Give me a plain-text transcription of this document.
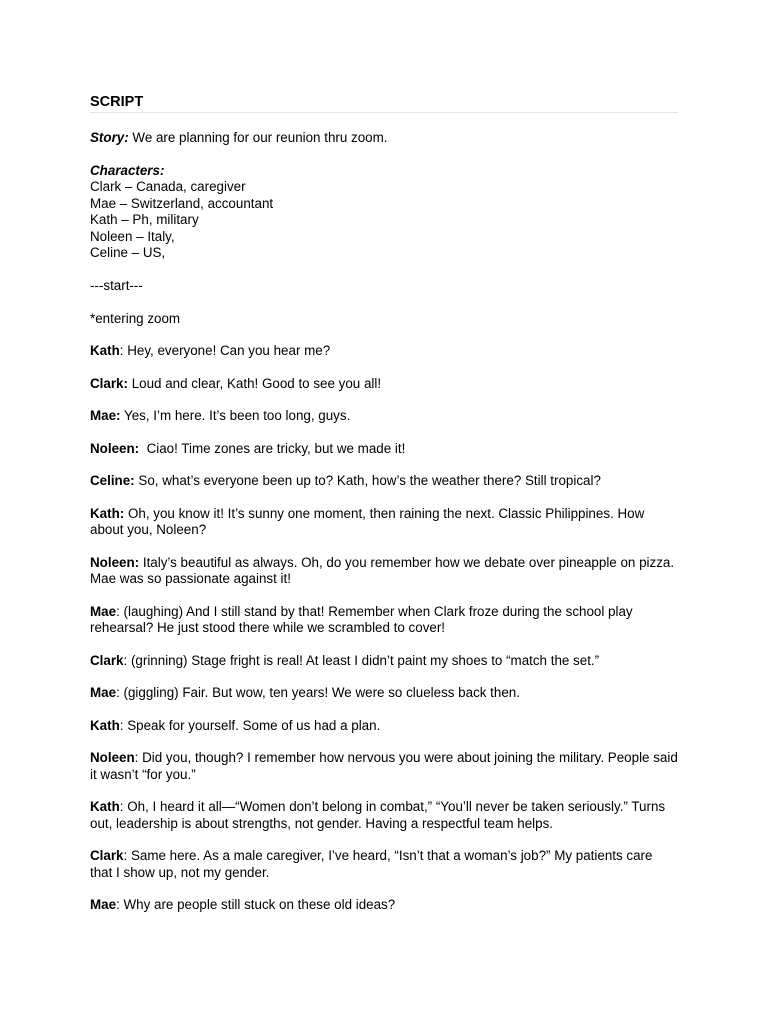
SCRIPT
Story: We are planning for our reunion thru zoom.
Characters:
Clark – Canada, caregiver
Mae – Switzerland, accountant
Kath – Ph, military
Noleen – Italy,
Celine – US,
---start---
*entering zoom
Kath: Hey, everyone! Can you hear me?
Clark: Loud and clear, Kath! Good to see you all!
Mae: Yes, I’m here. It’s been too long, guys.
Noleen: Ciao! Time zones are tricky, but we made it!
Celine: So, what’s everyone been up to? Kath, how’s the weather there? Still tropical?
Kath: Oh, you know it! It’s sunny one moment, then raining the next. Classic Philippines. How about you, Noleen?
Noleen: Italy’s beautiful as always. Oh, do you remember how we debate over pineapple on pizza. Mae was so passionate against it!
Mae: (laughing) And I still stand by that! Remember when Clark froze during the school play rehearsal? He just stood there while we scrambled to cover!
Clark: (grinning) Stage fright is real! At least I didn’t paint my shoes to “match the set.”
Mae: (giggling) Fair. But wow, ten years! We were so clueless back then.
Kath: Speak for yourself. Some of us had a plan.
Noleen: Did you, though? I remember how nervous you were about joining the military. People said it wasn’t “for you.”
Kath: Oh, I heard it all—“Women don’t belong in combat,” “You’ll never be taken seriously.” Turns out, leadership is about strengths, not gender. Having a respectful team helps.
Clark: Same here. As a male caregiver, I’ve heard, “Isn’t that a woman’s job?” My patients care that I show up, not my gender.
Mae: Why are people still stuck on these old ideas?
